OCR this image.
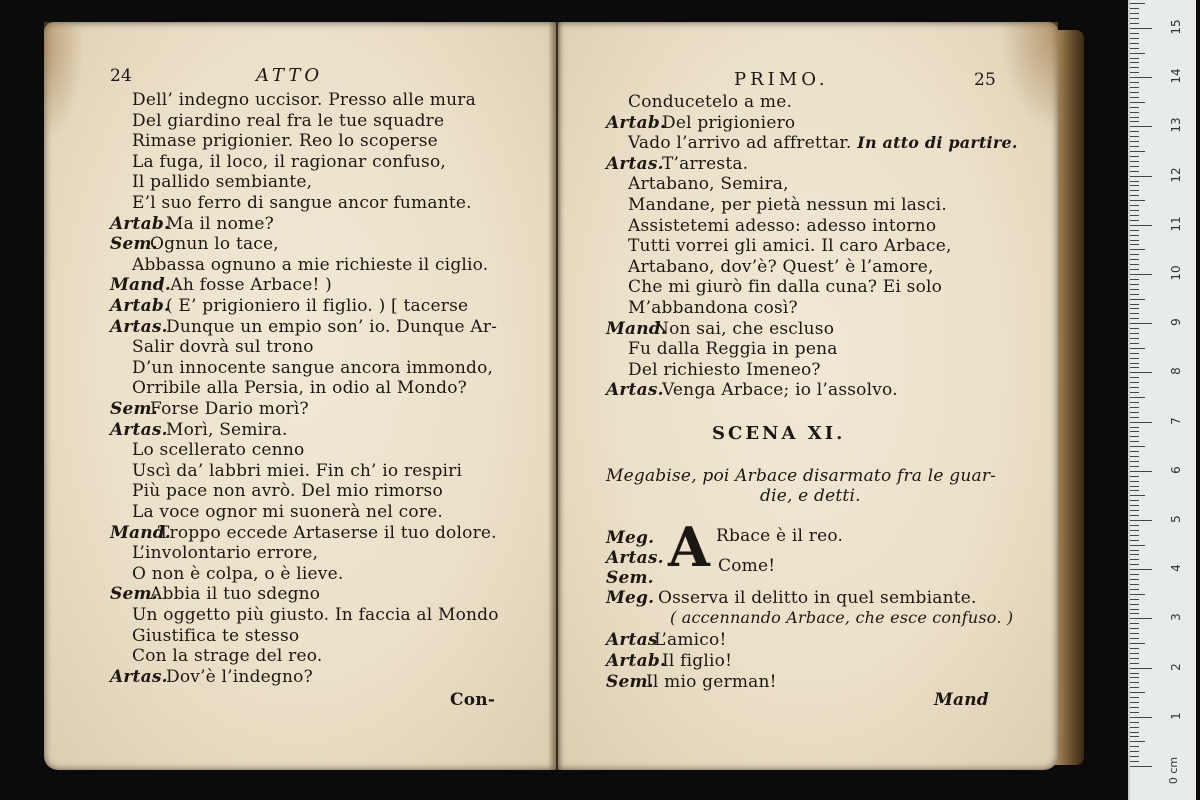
24	ATTO
Dell’ indegno uccisor. Presso alle mura
Del giardino real fra le tue squadre
Rimase prigionier. Reo lo scoperse
La fuga, il loco, il ragionar confuso,
Il pallido sembiante,
E’l suo ferro di sangue ancor fumante.
Artab.
Ma il nome?
Sem.
Ognun lo tace,
Abbassa ognuno a mie richieste il ciglio.
Mand.
( Ah fosse Arbace! )
Artab.
( E’ prigioniero il figlio. ) [ tacerse
Artas.
Dunque un empio son’ io. Dunque Ar-
Salir dovrà sul trono
D’un innocente sangue ancora immondo,
Orribile alla Persia, in odio al Mondo?
Sem.
Forse Dario morì?
Artas.
Morì, Semira.
Lo scellerato cenno
Uscì da’ labbri miei. Fin ch’ io respiri
Più pace non avrò. Del mio rimorso
La voce ognor mi suonerà nel core.
Mand.
Troppo eccede Artaserse il tuo dolore.
L’involontario errore,
O non è colpa, o è lieve.
Sem.
Abbia il tuo sdegno
Un oggetto più giusto. In faccia al Mondo
Giustifica te stesso
Con la strage del reo.
Artas.
Dov’è l’indegno?
Con-
PRIMO.	25
Conducetelo a me.
Artab.
Del prigioniero
Vado l’arrivo ad affrettar. In atto di partire.
Artas.
T’arresta.
Artabano, Semira,
Mandane, per pietà nessun mi lasci.
Assistetemi adesso: adesso intorno
Tutti vorrei gli amici. Il caro Arbace,
Artabano, dov’è? Quest’ è l’amore,
Che mi giurò fin dalla cuna? Ei solo
M’abbandona così?
Mand.
Non sai, che escluso
Fu dalla Reggia in pena
Del richiesto Imeneo?
Artas.
Venga Arbace; io l’assolvo.
SCENA XI.
Megabise, poi Arbace disarmato fra le guar-
die, e detti.
Meg. A Rbace è il reo.
Artas.	Come!
Sem.
Meg. Osserva il delitto in quel sembiante.
( accennando Arbace, che esce confuso. )
Artas
L’amico!
Artab.
Il figlio!
Sem.
Il mio german!
Mand
1
2
3
4
5
6
7
8
9
10
11
12
13
14
15
0 cm
